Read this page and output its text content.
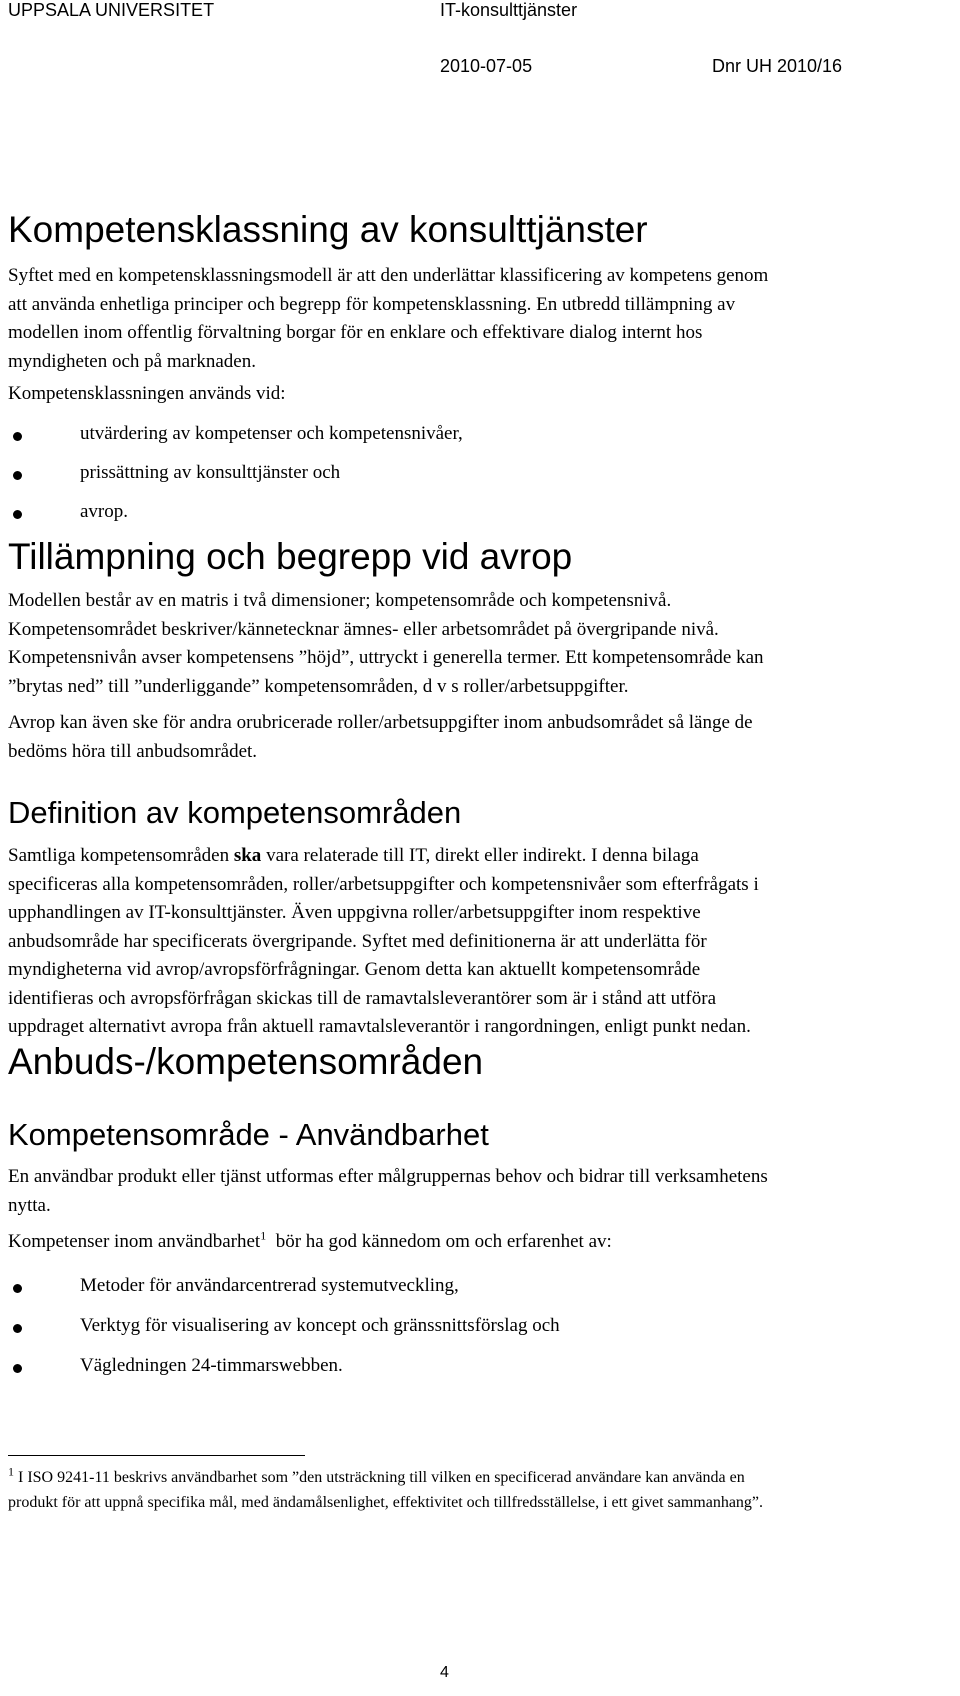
UPPSALA UNIVERSITET	IT-konsulttjänster
2010-07-05	Dnr UH 2010/16
Kompetensklassning av konsulttjänster
Syftet med en kompetensklassningsmodell är att den underlättar klassificering av kompetens genom
att använda enhetliga principer och begrepp för kompetensklassning. En utbredd tillämpning av
modellen inom offentlig förvaltning borgar för en enklare och effektivare dialog internt hos
myndigheten och på marknaden.
Kompetensklassningen används vid:
utvärdering av kompetenser och kompetensnivåer,
prissättning av konsulttjänster och
avrop.
Tillämpning och begrepp vid avrop
Modellen består av en matris i två dimensioner; kompetensområde och kompetensnivå.
Kompetensområdet beskriver/kännetecknar ämnes- eller arbetsområdet på övergripande nivå.
Kompetensnivån avser kompetensens ”höjd”, uttryckt i generella termer. Ett kompetensområde kan
”brytas ned” till ”underliggande” kompetensområden, d v s roller/arbetsuppgifter.
Avrop kan även ske för andra orubricerade roller/arbetsuppgifter inom anbudsområdet så länge de
bedöms höra till anbudsområdet.
Definition av kompetensområden
Samtliga kompetensområden ska vara relaterade till IT, direkt eller indirekt. I denna bilaga
specificeras alla kompetensområden, roller/arbetsuppgifter och kompetensnivåer som efterfrågats i
upphandlingen av IT-konsulttjänster. Även uppgivna roller/arbetsuppgifter inom respektive
anbudsområde har specificerats övergripande. Syftet med definitionerna är att underlätta för
myndigheterna vid avrop/avropsförfrågningar. Genom detta kan aktuellt kompetensområde
identifieras och avropsförfrågan skickas till de ramavtalsleverantörer som är i stånd att utföra
uppdraget alternativt avropa från aktuell ramavtalsleverantör i rangordningen, enligt punkt nedan.
Anbuds-/kompetensområden
Kompetensområde - Användbarhet
En användbar produkt eller tjänst utformas efter målgruppernas behov och bidrar till verksamhetens
nytta.
Kompetenser inom användbarhet$^1$  bör ha god kännedom om och erfarenhet av:
Metoder för användarcentrerad systemutveckling,
Verktyg för visualisering av koncept och gränssnittsförslag och
Vägledningen 24-timmarswebben.
$^1$ I ISO 9241-11 beskrivs användbarhet som ”den utsträckning till vilken en specificerad användare kan använda en
produkt för att uppnå specifika mål, med ändamålsenlighet, effektivitet och tillfredsställelse, i ett givet sammanhang”.
4
